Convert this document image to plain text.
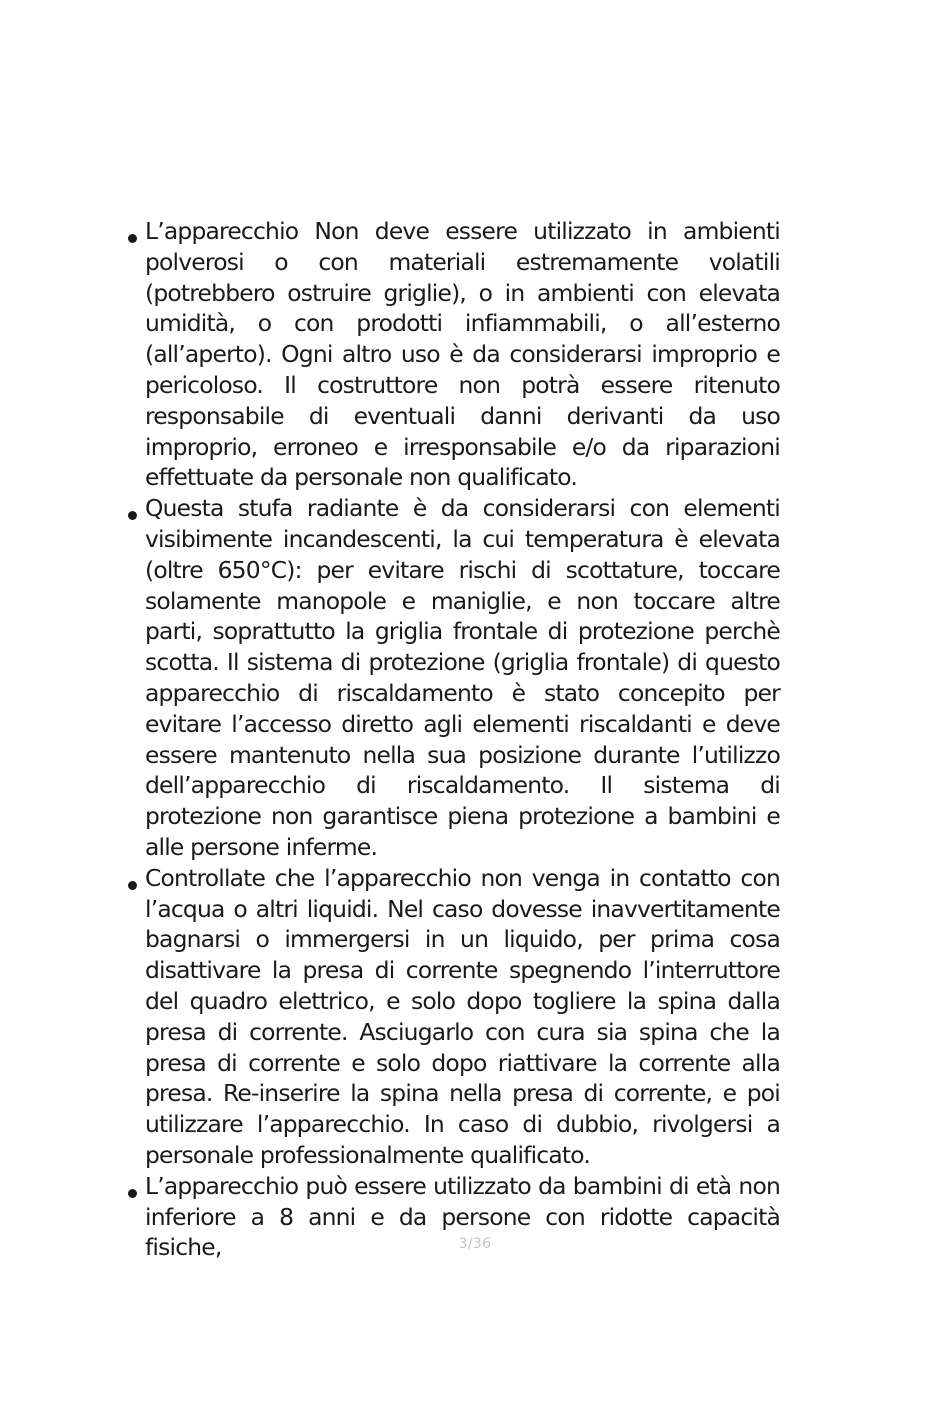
L’apparecchio Non deve essere utilizzato in ambienti polverosi o con materiali estremamente volatili (potrebbero ostruire griglie), o in ambienti con elevata umidità, o con prodotti infiammabili, o all’esterno (all’aperto). Ogni altro uso è da considerarsi improprio e pericoloso. Il costruttore non potrà essere ritenuto responsabile di eventuali danni derivanti da uso improprio, erroneo e irresponsabile e/o da riparazioni effettuate da personale non qualificato.

Questa stufa radiante è da considerarsi con elementi visibimente incandescenti, la cui temperatura è elevata (oltre 650°C): per evitare rischi di scottature, toccare solamente manopole e maniglie, e non toccare altre parti, soprattutto la griglia frontale di protezione perchè scotta. Il sistema di protezione (griglia frontale) di questo apparecchio di riscaldamento è stato concepito per evitare l’accesso diretto agli elementi riscaldanti e deve essere mantenuto nella sua posizione durante l’utilizzo dell’apparecchio di riscaldamento. Il sistema di protezione non garantisce piena protezione a bambini e alle persone inferme.

Controllate che l’apparecchio non venga in contatto con l’acqua o altri liquidi. Nel caso dovesse inavvertitamente bagnarsi o immergersi in un liquido, per prima cosa disattivare la presa di corrente spegnendo l’interruttore del quadro elettrico, e solo dopo togliere la spina dalla presa di corrente. Asciugarlo con cura sia spina che la presa di corrente e solo dopo riattivare la corrente alla presa. Re-inserire la spina nella presa di corrente, e poi utilizzare l’apparecchio. In caso di dubbio, rivolgersi a personale professionalmente qualificato.

L’apparecchio può essere utilizzato da bambini di età non inferiore a 8 anni e da persone con ridotte capacità fisiche,	3/36
